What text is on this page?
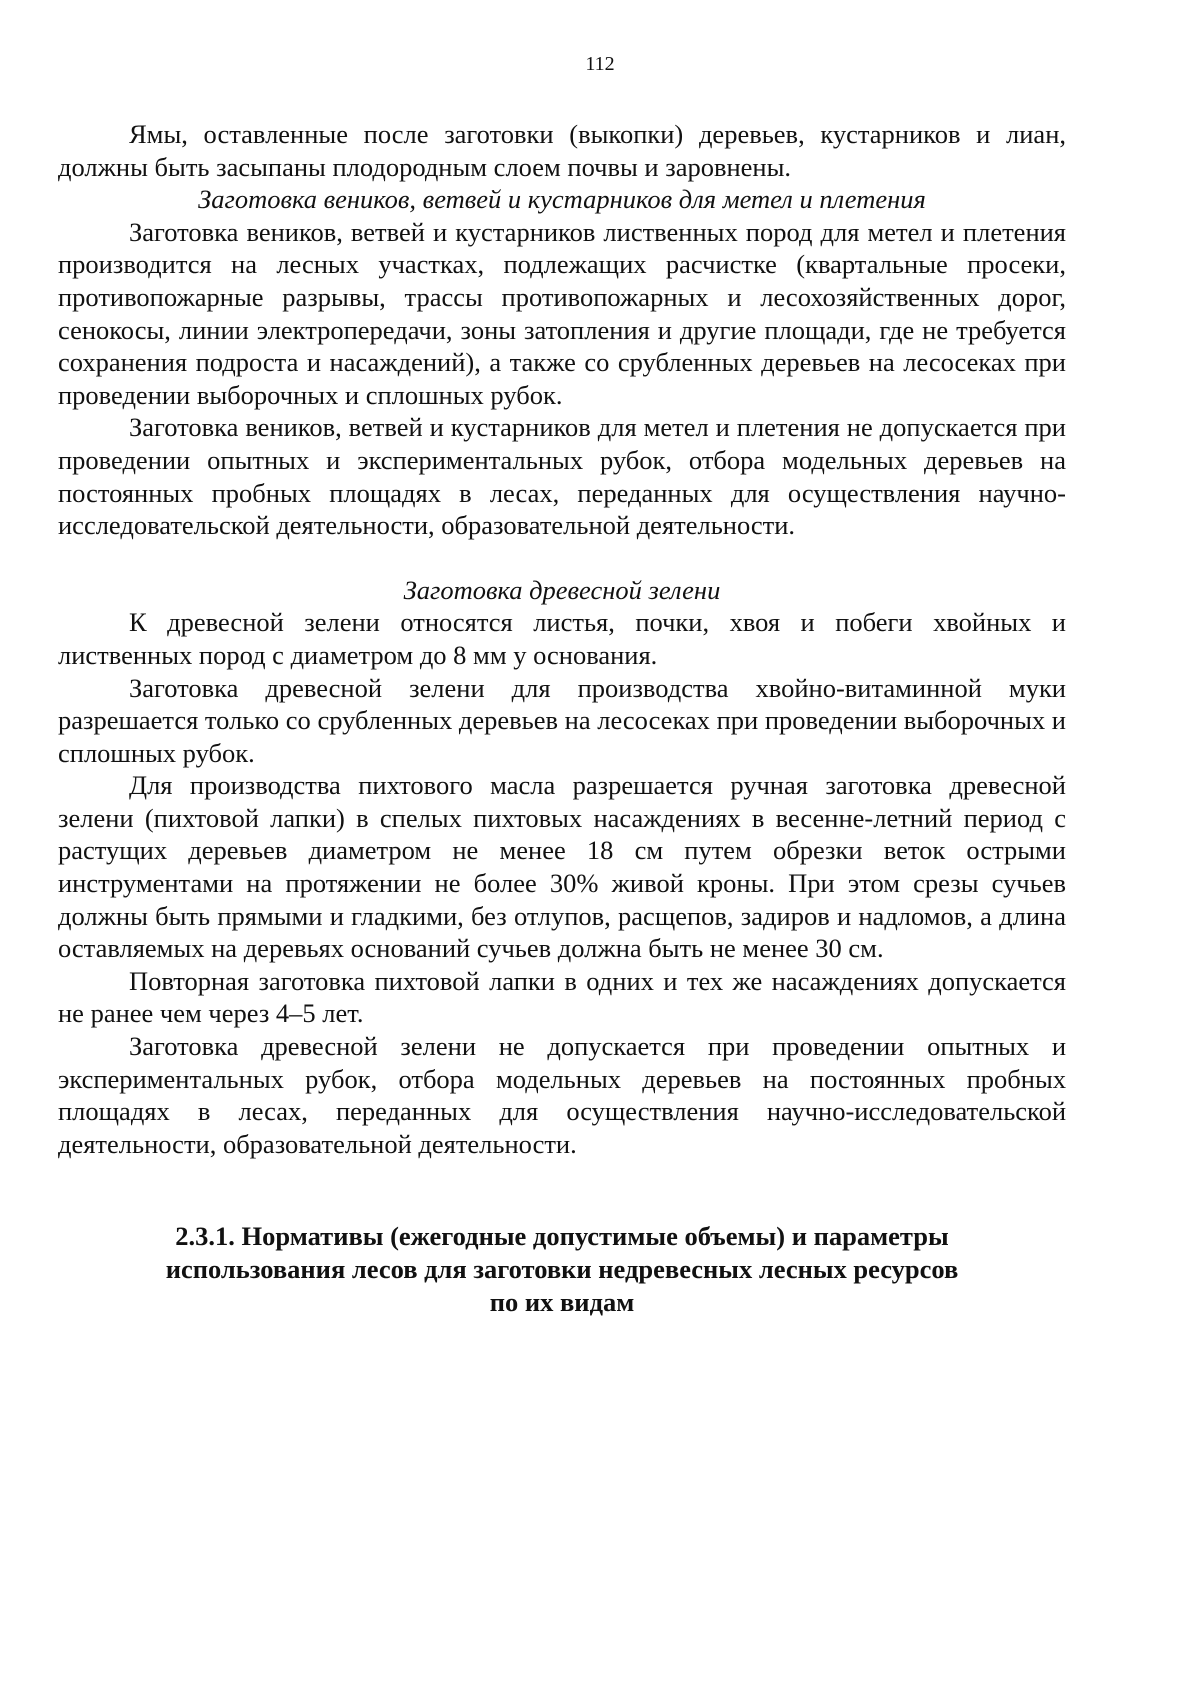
112

Ямы, оставленные после заготовки (выкопки) деревьев, кустарников и лиан, должны быть засыпаны плодородным слоем почвы и заровнены.

Заготовка веников, ветвей и кустарников для метел и плетения

Заготовка веников, ветвей и кустарников лиственных пород для метел и плетения производится на лесных участках, подлежащих расчистке (квартальные просеки, противопожарные разрывы, трассы противопожарных и лесохозяйственных дорог, сенокосы, линии электропередачи, зоны затопления и другие площади, где не требуется сохранения подроста и насаждений), а также со срубленных деревьев на лесосеках при проведении выборочных и сплошных рубок.

Заготовка веников, ветвей и кустарников для метел и плетения не допускается при проведении опытных и экспериментальных рубок, отбора модельных деревьев на постоянных пробных площадях в лесах, переданных для осуществления научно-исследовательской деятельности, образовательной деятельности.

Заготовка древесной зелени

К древесной зелени относятся листья, почки, хвоя и побеги хвойных и лиственных пород с диаметром до 8 мм у основания.

Заготовка древесной зелени для производства хвойно-витаминной муки разрешается только со срубленных деревьев на лесосеках при проведении выборочных и сплошных рубок.

Для производства пихтового масла разрешается ручная заготовка древесной зелени (пихтовой лапки) в спелых пихтовых насаждениях в весенне-летний период с растущих деревьев диаметром не менее 18 см путем обрезки веток острыми инструментами на протяжении не более 30% живой кроны. При этом срезы сучьев должны быть прямыми и гладкими, без отлупов, расщепов, задиров и надломов, а длина оставляемых на деревьях оснований сучьев должна быть не менее 30 см.

Повторная заготовка пихтовой лапки в одних и тех же насаждениях допускается не ранее чем через 4–5 лет.

Заготовка древесной зелени не допускается при проведении опытных и экспериментальных рубок, отбора модельных деревьев на постоянных пробных площадях в лесах, переданных для осуществления научно-исследовательской деятельности, образовательной деятельности.

2.3.1. Нормативы (ежегодные допустимые объемы) и параметры
использования лесов для заготовки недревесных лесных ресурсов
по их видам
